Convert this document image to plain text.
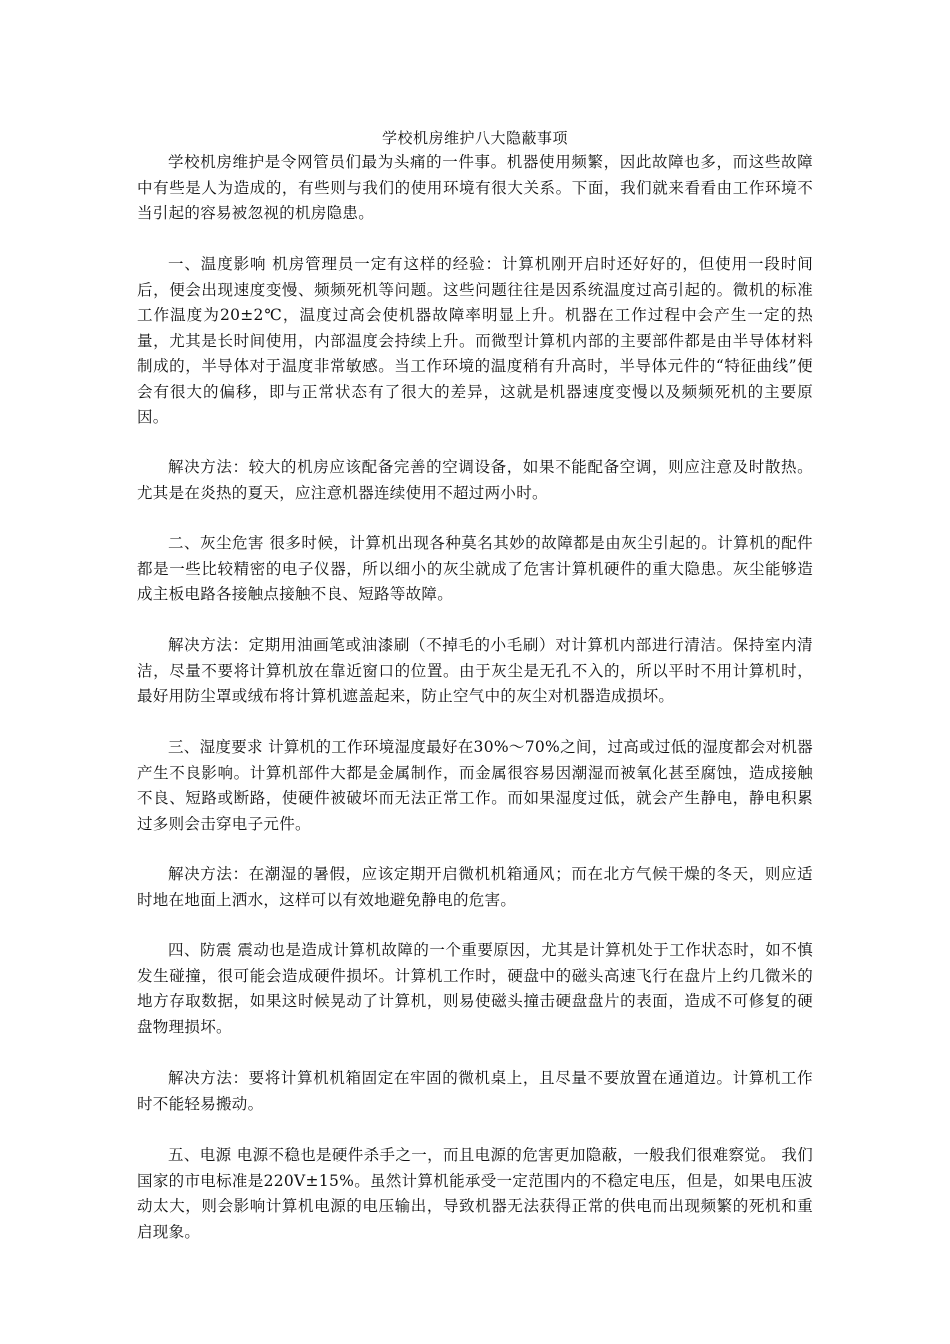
学校机房维护八大隐蔽事项

学校机房维护是令网管员们最为头痛的一件事。机器使用频繁，因此故障也多，而这些故障中有些是人为造成的，有些则与我们的使用环境有很大关系。下面，我们就来看看由工作环境不当引起的容易被忽视的机房隐患。

一、温度影响 机房管理员一定有这样的经验：计算机刚开启时还好好的，但使用一段时间后，便会出现速度变慢、频频死机等问题。这些问题往往是因系统温度过高引起的。微机的标准工作温度为20±2℃，温度过高会使机器故障率明显上升。机器在工作过程中会产生一定的热量，尤其是长时间使用，内部温度会持续上升。而微型计算机内部的主要部件都是由半导体材料制成的，半导体对于温度非常敏感。当工作环境的温度稍有升高时，半导体元件的“特征曲线”便会有很大的偏移，即与正常状态有了很大的差异，这就是机器速度变慢以及频频死机的主要原因。

解决方法：较大的机房应该配备完善的空调设备，如果不能配备空调，则应注意及时散热。尤其是在炎热的夏天，应注意机器连续使用不超过两小时。

二、灰尘危害 很多时候，计算机出现各种莫名其妙的故障都是由灰尘引起的。计算机的配件都是一些比较精密的电子仪器，所以细小的灰尘就成了危害计算机硬件的重大隐患。灰尘能够造成主板电路各接触点接触不良、短路等故障。

解决方法：定期用油画笔或油漆刷（不掉毛的小毛刷）对计算机内部进行清洁。保持室内清洁，尽量不要将计算机放在靠近窗口的位置。由于灰尘是无孔不入的，所以平时不用计算机时，最好用防尘罩或绒布将计算机遮盖起来，防止空气中的灰尘对机器造成损坏。

三、湿度要求 计算机的工作环境湿度最好在30%～70%之间，过高或过低的湿度都会对机器产生不良影响。计算机部件大都是金属制作，而金属很容易因潮湿而被氧化甚至腐蚀，造成接触不良、短路或断路，使硬件被破坏而无法正常工作。而如果湿度过低，就会产生静电，静电积累过多则会击穿电子元件。

解决方法：在潮湿的暑假，应该定期开启微机机箱通风；而在北方气候干燥的冬天，则应适时地在地面上洒水，这样可以有效地避免静电的危害。

四、防震 震动也是造成计算机故障的一个重要原因，尤其是计算机处于工作状态时，如不慎发生碰撞，很可能会造成硬件损坏。计算机工作时，硬盘中的磁头高速飞行在盘片上约几微米的地方存取数据，如果这时候晃动了计算机，则易使磁头撞击硬盘盘片的表面，造成不可修复的硬盘物理损坏。

解决方法：要将计算机机箱固定在牢固的微机桌上，且尽量不要放置在通道边。计算机工作时不能轻易搬动。

五、电源 电源不稳也是硬件杀手之一，而且电源的危害更加隐蔽，一般我们很难察觉。 我们国家的市电标准是220V±15%。虽然计算机能承受一定范围内的不稳定电压，但是，如果电压波动太大，则会影响计算机电源的电压输出，导致机器无法获得正常的供电而出现频繁的死机和重启现象。
